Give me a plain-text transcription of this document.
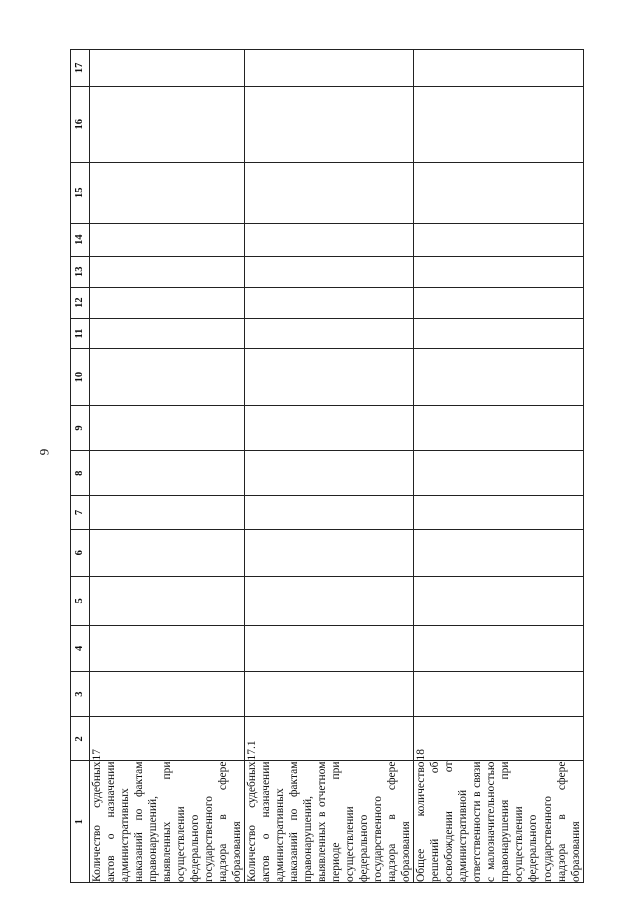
9
1	2	3	4	5	6	7	8	9	10	11	12	13	14	15	16	17
Количество судебных актов о назначении административных наказаний по фактам правонарушений, выявленных при осуществлении федерального государственного надзора в сфере образования	17															
Количество судебных актов о назначении административных наказаний по фактам правонарушений, выявленных в отчетном периоде при осуществлении федерального государственного надзора в сфере образования	17.1															
Общее количество решений об освобождении от административной ответственности в связи с малозначительностью правонарушения при осуществлении федерального государственного надзора в сфере образования	18															
